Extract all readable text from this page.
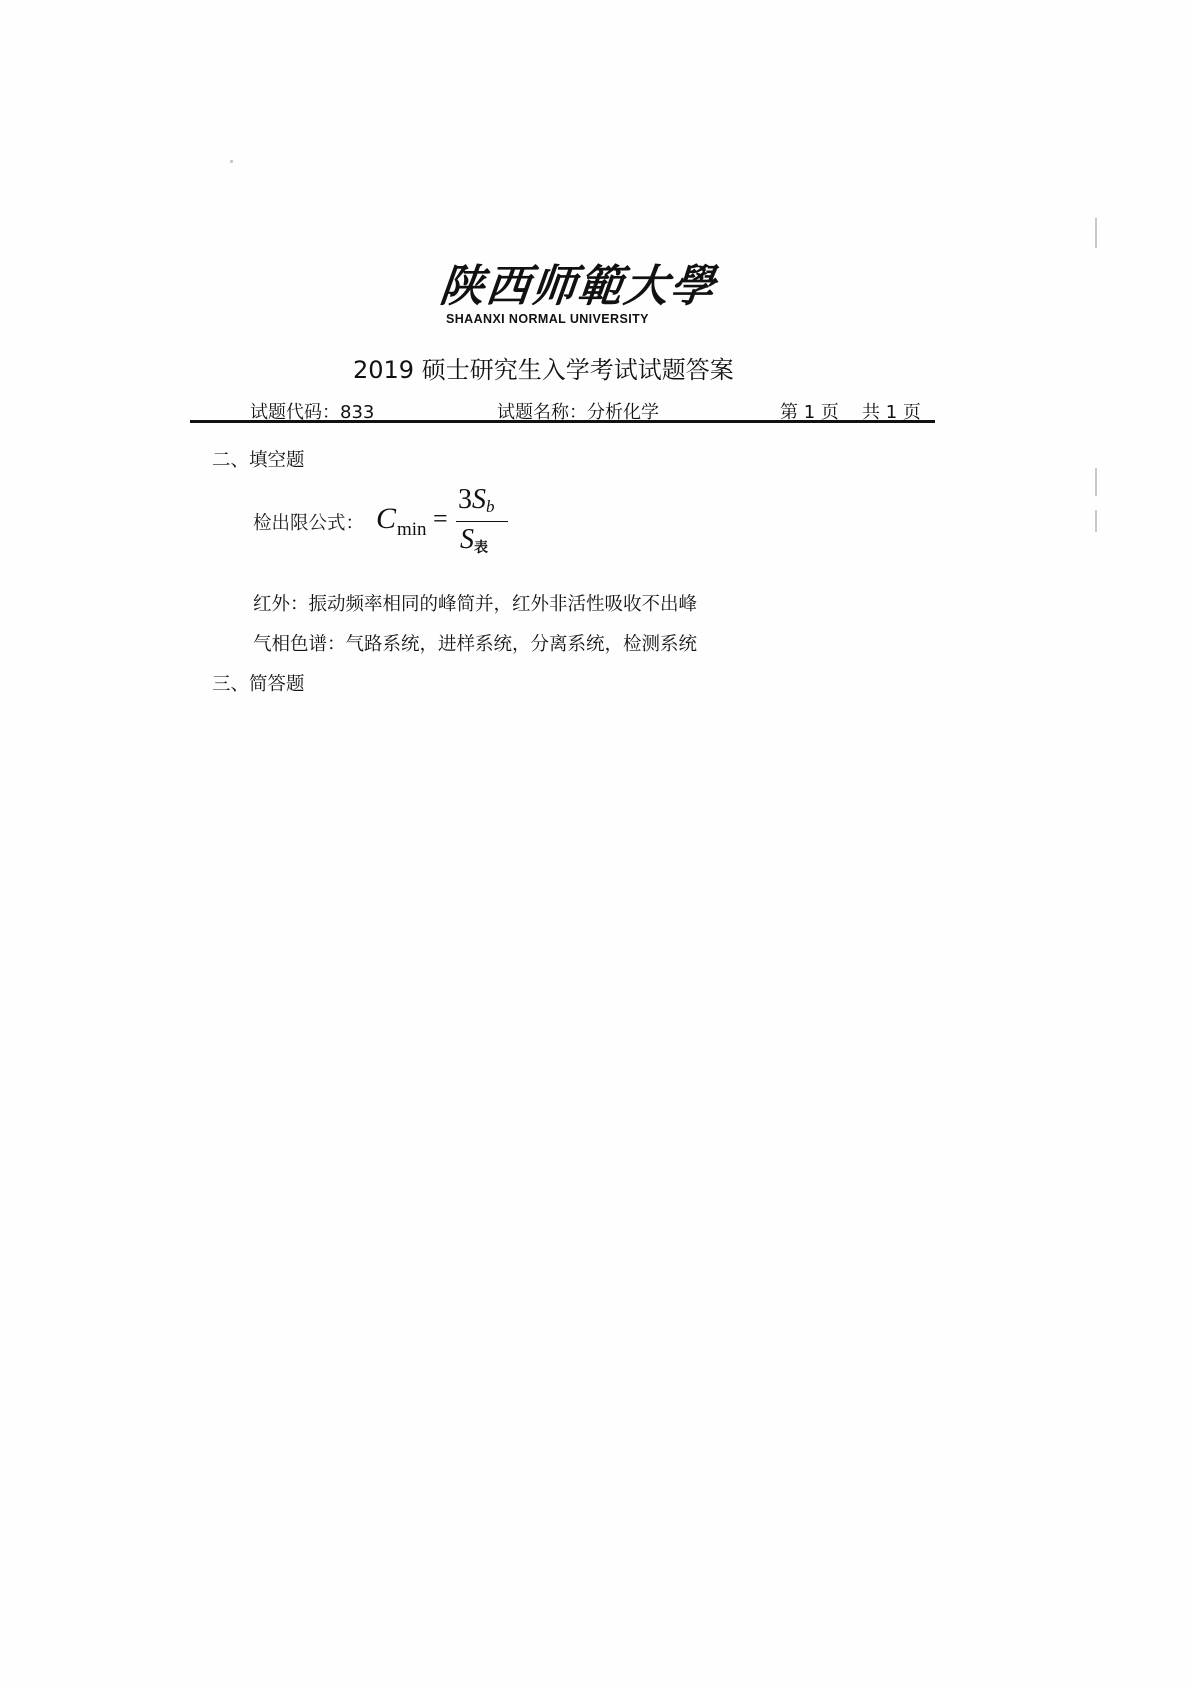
陕西师範大學
SHAANXI NORMAL UNIVERSITY
2019 硕士研究生入学考试试题答案
试题代码：833	试题名称：分析化学	第 1 页 共 1 页
二、填空题
检出限公式： C min =
$3S_b$
$S_表$
红外：振动频率相同的峰简并，红外非活性吸收不出峰
气相色谱：气路系统，进样系统，分离系统，检测系统
三、简答题
